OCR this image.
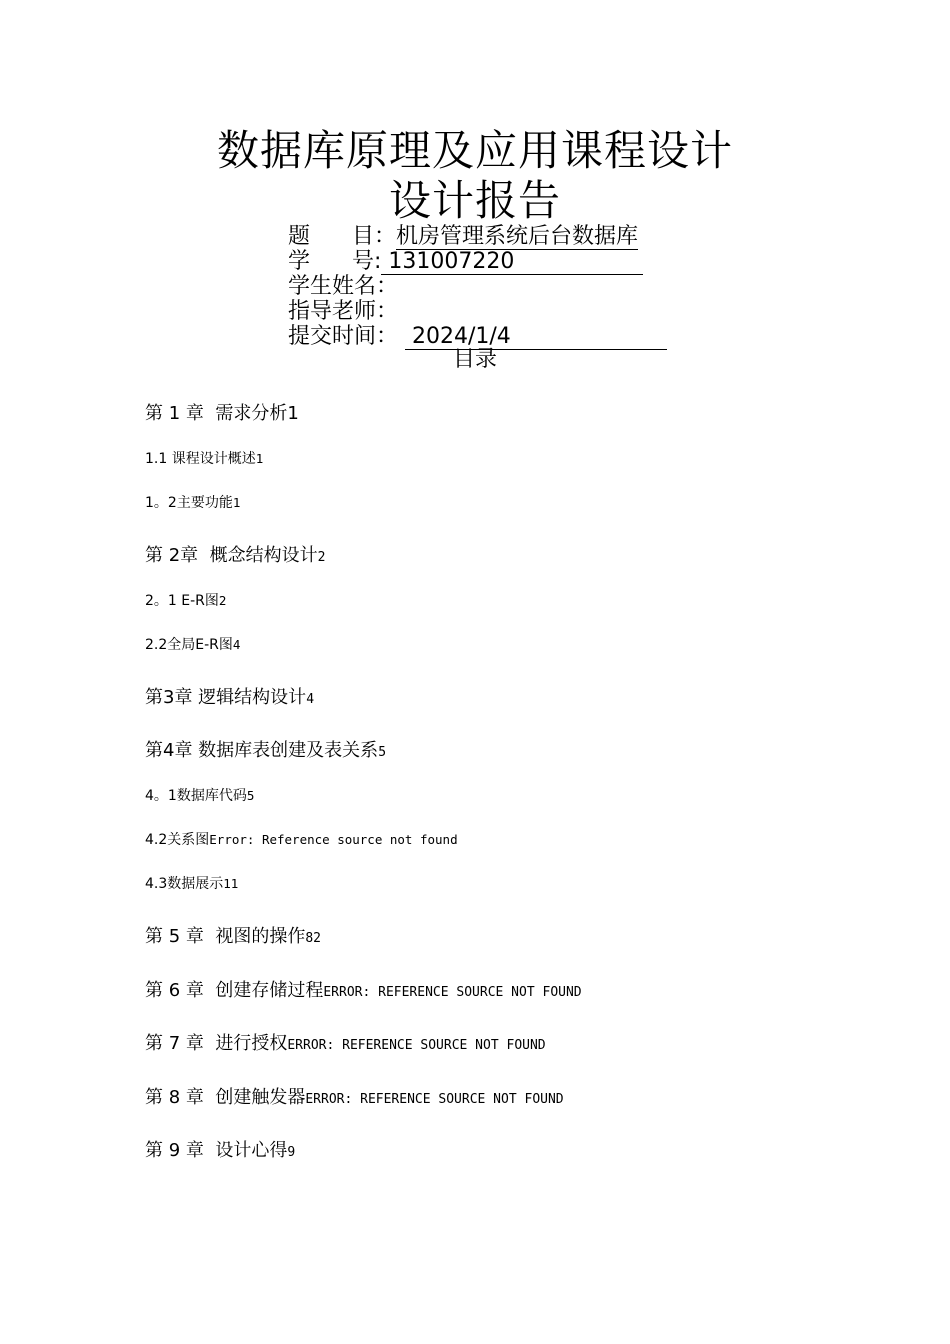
数据库原理及应用课程设计
设计报告
题      目：机房管理系统后台数据库
学      号: 131007220
学生姓名：
指导老师：
提交时间：  2024/1/4
目录
第 1 章  需求分析1
1.1 课程设计概述1
1。2主要功能1
第 2章  概念结构设计2
2。1 E-R图2
2.2全局E-R图4
第3章 逻辑结构设计4
第4章 数据库表创建及表关系5
4。1数据库代码5
4.2关系图Error: Reference source not found
4.3数据展示11
第 5 章  视图的操作82
第 6 章  创建存储过程ERROR: REFERENCE SOURCE NOT FOUND
第 7 章  进行授权ERROR: REFERENCE SOURCE NOT FOUND
第 8 章  创建触发器ERROR: REFERENCE SOURCE NOT FOUND
第 9 章  设计心得9
